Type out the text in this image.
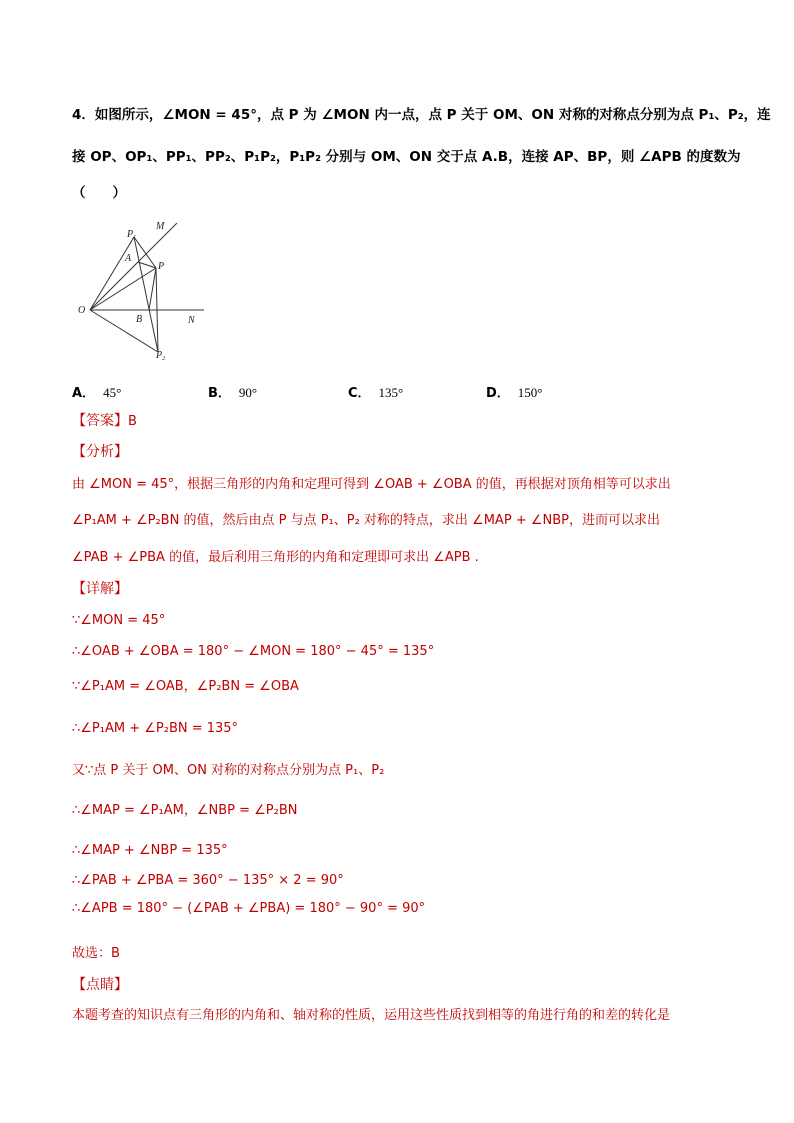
4．如图所示，∠MON = 45°，点 P 为 ∠MON 内一点，点 P 关于 OM、ON 对称的对称点分别为点 P₁、P₂，连
接 OP、OP₁、PP₁、PP₂、P₁P₂，P₁P₂ 分别与 OM、ON 交于点 A.B，连接 AP、BP，则 ∠APB 的度数为
（　　）
M
$P_1$
A
P
O
B	N
$P_2$
A． 45°	B． 90°	C． 135°	D． 150°
【答案】B
【分析】
由 ∠MON = 45°，根据三角形的内角和定理可得到 ∠OAB + ∠OBA 的值，再根据对顶角相等可以求出
∠P₁AM + ∠P₂BN 的值，然后由点 P 与点 P₁、P₂ 对称的特点，求出 ∠MAP + ∠NBP，进而可以求出
∠PAB + ∠PBA 的值，最后利用三角形的内角和定理即可求出 ∠APB .
【详解】
∵∠MON = 45°
∴∠OAB + ∠OBA = 180° − ∠MON = 180° − 45° = 135°
∵∠P₁AM = ∠OAB，∠P₂BN = ∠OBA
∴∠P₁AM + ∠P₂BN = 135°
又∵点 P 关于 OM、ON 对称的对称点分别为点 P₁、P₂
∴∠MAP = ∠P₁AM，∠NBP = ∠P₂BN
∴∠MAP + ∠NBP = 135°
∴∠PAB + ∠PBA = 360° − 135° × 2 = 90°
∴∠APB = 180° − (∠PAB + ∠PBA) = 180° − 90° = 90°
故选：B
【点睛】
本题考查的知识点有三角形的内角和、轴对称的性质，运用这些性质找到相等的角进行角的和差的转化是
